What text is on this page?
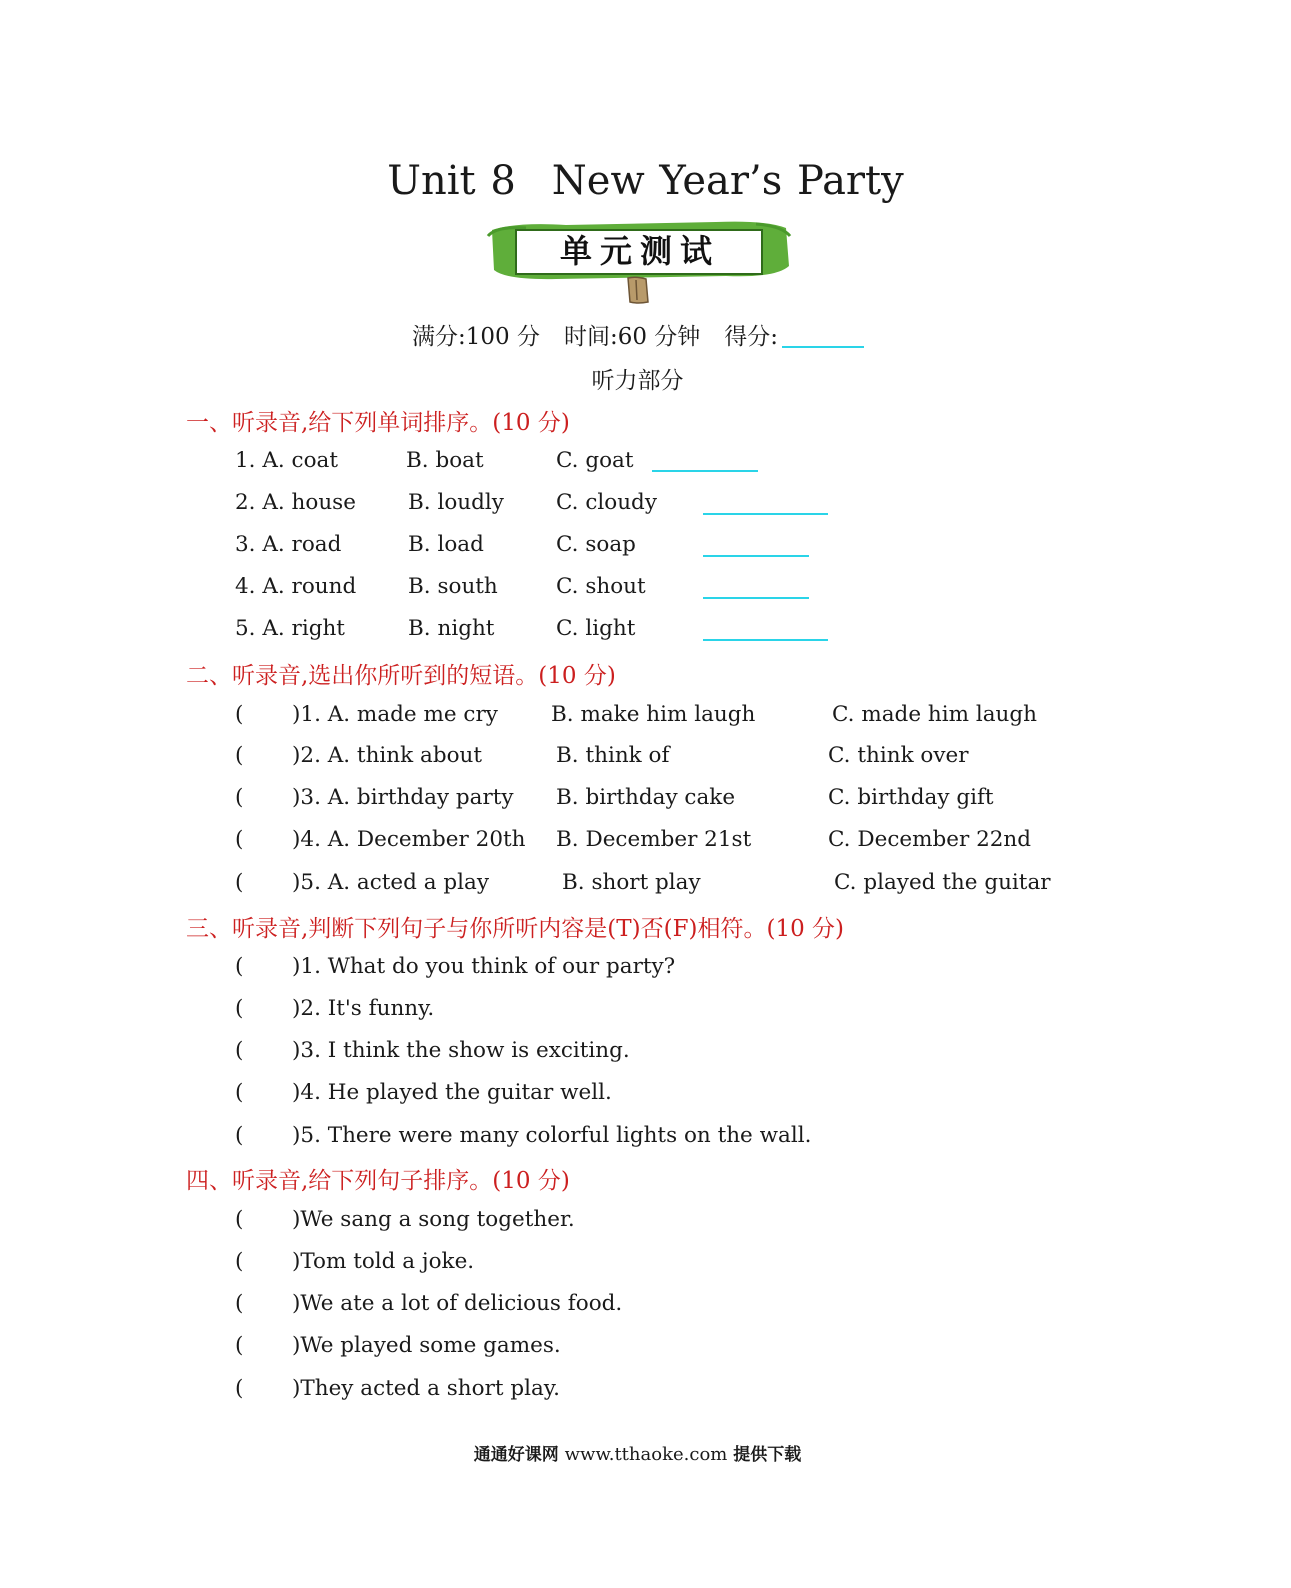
Unit 8 New Year’s Party
单元测试
满分:100 分 时间:60 分钟 得分:
听力部分
一、听录音,给下列单词排序。(10 分)
1. A. coat	B. boat	C. goat
2. A. house B. loudly C. cloudy
3. A. road	B. load	C. soap
4. A. round B. south	C. shout
5. A. right	B. night	C. light
二、听录音,选出你所听到的短语。(10 分)
( )1. A. made me cry B. make him laugh	C. made him laugh
( )2. A. think about	B. think of	C. think over
( )3. A. birthday party B. birthday cake	C. birthday gift
( )4. A. December 20th B. December 21st	C. December 22nd
( )5. A. acted a play	B. short play	C. played the guitar
三、听录音,判断下列句子与你所听内容是(T)否(F)相符。(10 分)
( )1. What do you think of our party?
( )2. It's funny.
( )3. I think the show is exciting.
( )4. He played the guitar well.
( )5. There were many colorful lights on the wall.
四、听录音,给下列句子排序。(10 分)
( )We sang a song together.
( )Tom told a joke.
( )We ate a lot of delicious food.
( )We played some games.
( )They acted a short play.
通通好课网 www.tthaoke.com 提供下载
